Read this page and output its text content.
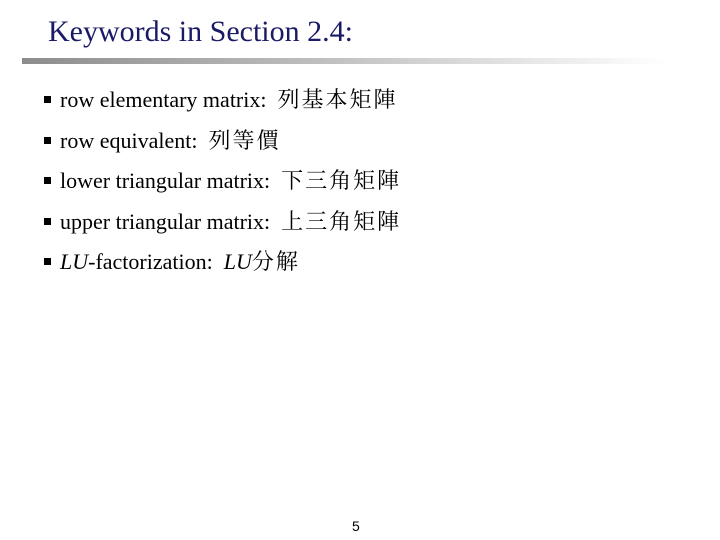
Keywords in Section 2.4:
row elementary matrix: 列基本矩陣
row equivalent: 列等價
lower triangular matrix: 下三角矩陣
upper triangular matrix: 上三角矩陣
LU-factorization: LU分解
5
